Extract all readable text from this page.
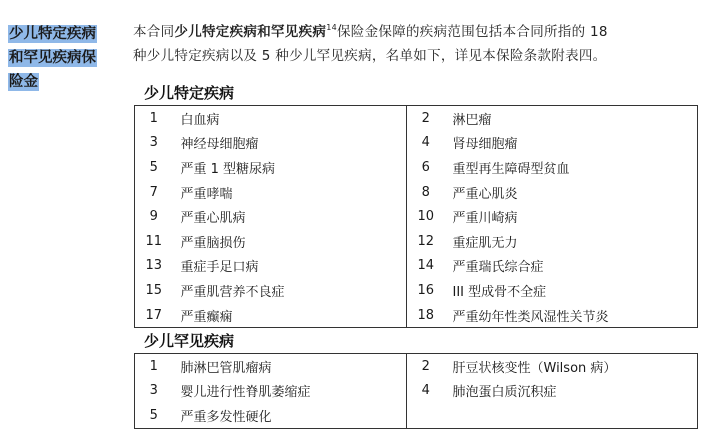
少儿特定疾病
和罕见疾病保
险金
本合同少儿特定疾病和罕见疾病$^{14}$保险金保障的疾病范围包括本合同所指的 18
种少儿特定疾病以及 5 种少儿罕见疾病，名单如下，详见本保险条款附表四。
少儿特定疾病
1	白血病	2	淋巴瘤
3	神经母细胞瘤	4	肾母细胞瘤
5	严重 1 型糖尿病	6	重型再生障碍型贫血
7	严重哮喘	8	严重心肌炎
9	严重心肌病	10	严重川崎病
11	严重脑损伤	12	重症肌无力
13	重症手足口病	14	严重瑞氏综合症
15	严重肌营养不良症	16	III 型成骨不全症
17	严重癫痫	18	严重幼年性类风湿性关节炎
少儿罕见疾病
1	肺淋巴管肌瘤病	2	肝豆状核变性（Wilson 病）
3	婴儿进行性脊肌萎缩症	4	肺泡蛋白质沉积症
5	严重多发性硬化		
